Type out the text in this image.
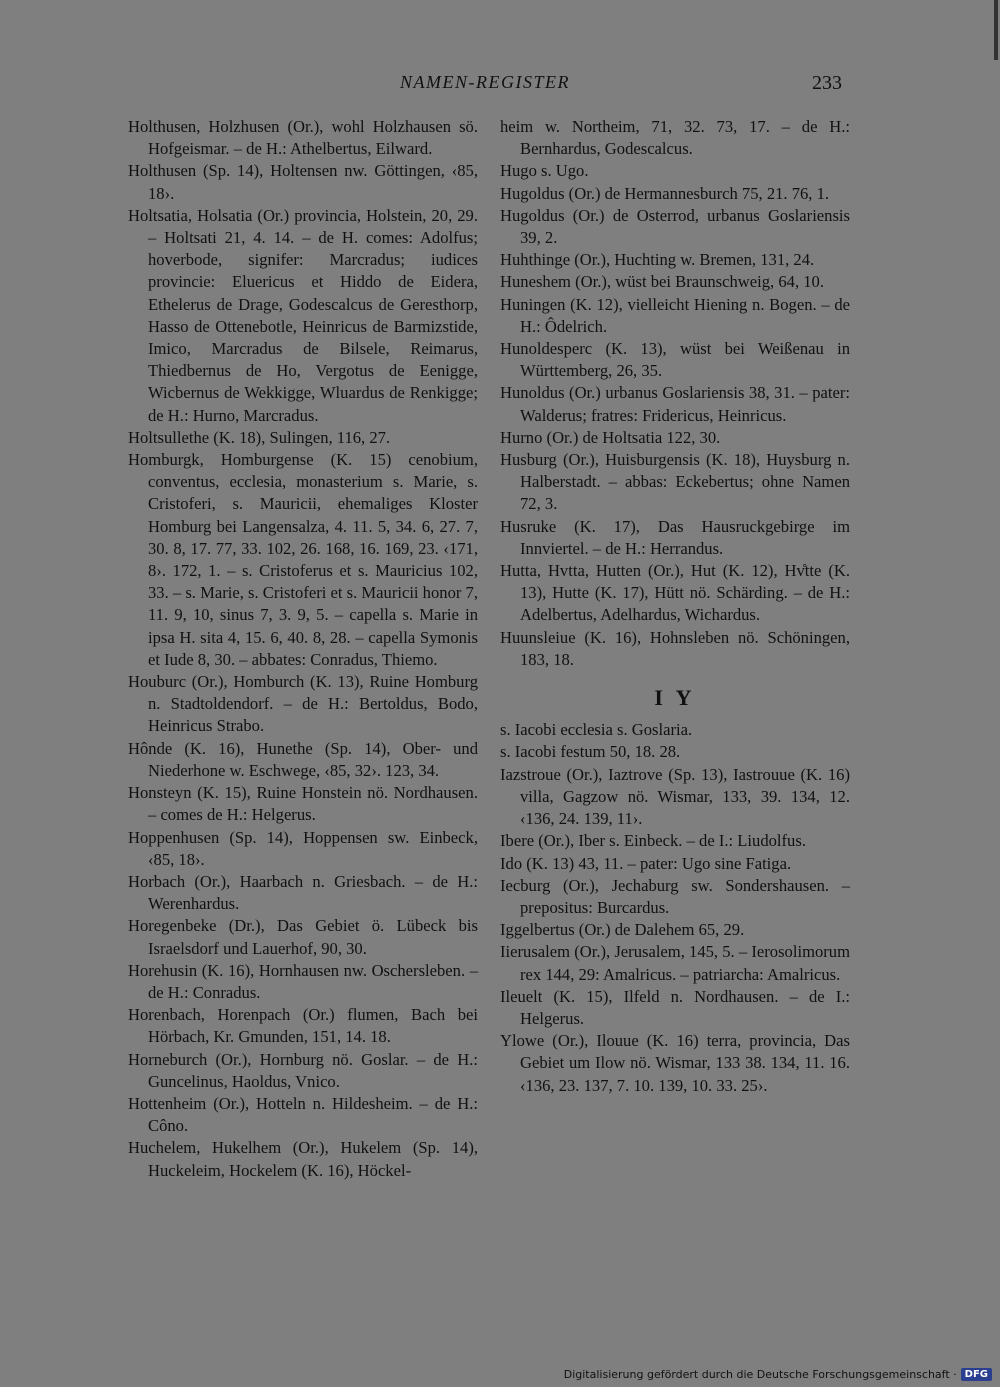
NAMEN-REGISTER	233
Holthusen, Holzhusen (Or.), wohl Holzhausen sö. Hofgeismar. – de H.: Athelbertus, Eilward.
Holthusen (Sp. 14), Holtensen nw. Göttingen, ‹85, 18›.
Holtsatia, Holsatia (Or.) provincia, Holstein, 20, 29. – Holtsati 21, 4. 14. – de H. comes: Adolfus; hoverbode, signifer: Marcradus; iudices provincie: Eluericus et Hiddo de Eidera, Ethelerus de Drage, Godescalcus de Geresthorp, Hasso de Ottenebotle, Heinricus de Barmizstide, Imico, Marcradus de Bilsele, Reimarus, Thiedbernus de Ho, Vergotus de Eenigge, Wicbernus de Wekkigge, Wluardus de Renkigge; de H.: Hurno, Marcradus.
Holtsullethe (K. 18), Sulingen, 116, 27.
Homburgk, Homburgense (K. 15) cenobium, conventus, ecclesia, monasterium s. Marie, s. Cristoferi, s. Mauricii, ehemaliges Kloster Homburg bei Langensalza, 4. 11. 5, 34. 6, 27. 7, 30. 8, 17. 77, 33. 102, 26. 168, 16. 169, 23. ‹171, 8›. 172, 1. – s. Cristoferus et s. Mauricius 102, 33. – s. Marie, s. Cristoferi et s. Mauricii honor 7, 11. 9, 10, sinus 7, 3. 9, 5. – capella s. Marie in ipsa H. sita 4, 15. 6, 40. 8, 28. – capella Symonis et Iude 8, 30. – abbates: Conradus, Thiemo.
Houburc (Or.), Homburch (K. 13), Ruine Homburg n. Stadtoldendorf. – de H.: Bertoldus, Bodo, Heinricus Strabo.
Hônde (K. 16), Hunethe (Sp. 14), Ober- und Niederhone w. Eschwege, ‹85, 32›. 123, 34.
Honsteyn (K. 15), Ruine Honstein nö. Nordhausen. – comes de H.: Helgerus.
Hoppenhusen (Sp. 14), Hoppensen sw. Einbeck, ‹85, 18›.
Horbach (Or.), Haarbach n. Griesbach. – de H.: Werenhardus.
Horegenbeke (Dr.), Das Gebiet ö. Lübeck bis Israelsdorf und Lauerhof, 90, 30.
Horehusin (K. 16), Hornhausen nw. Oschersleben. – de H.: Conradus.
Horenbach, Horenpach (Or.) flumen, Bach bei Hörbach, Kr. Gmunden, 151, 14. 18.
Horneburch (Or.), Hornburg nö. Goslar. – de H.: Guncelinus, Haoldus, Vnico.
Hottenheim (Or.), Hotteln n. Hildesheim. – de H.: Côno.
Huchelem, Hukelhem (Or.), Hukelem (Sp. 14), Huckeleim, Hockelem (K. 16), Höckel-
heim w. Northeim, 71, 32. 73, 17. – de H.: Bernhardus, Godescalcus.
Hugo s. Ugo.
Hugoldus (Or.) de Hermannesburch 75, 21. 76, 1.
Hugoldus (Or.) de Osterrod, urbanus Goslariensis 39, 2.
Huhthinge (Or.), Huchting w. Bremen, 131, 24.
Huneshem (Or.), wüst bei Braunschweig, 64, 10.
Huningen (K. 12), vielleicht Hiening n. Bogen. – de H.: Ôdelrich.
Hunoldesperc (K. 13), wüst bei Weißenau in Württemberg, 26, 35.
Hunoldus (Or.) urbanus Goslariensis 38, 31. – pater: Walderus; fratres: Fridericus, Heinricus.
Hurno (Or.) de Holtsatia 122, 30.
Husburg (Or.), Huisburgensis (K. 18), Huysburg n. Halberstadt. – abbas: Eckebertus; ohne Namen 72, 3.
Husruke (K. 17), Das Hausruckgebirge im Innviertel. – de H.: Herrandus.
Hutta, Hvtta, Hutten (Or.), Hut (K. 12), Hv̊tte (K. 13), Hutte (K. 17), Hütt nö. Schärding. – de H.: Adelbertus, Adelhardus, Wichardus.
Huunsleiue (K. 16), Hohnsleben nö. Schöningen, 183, 18.
I Y
s. Iacobi ecclesia s. Goslaria.
s. Iacobi festum 50, 18. 28.
Iazstroue (Or.), Iaztrove (Sp. 13), Iastrouue (K. 16) villa, Gagzow nö. Wismar, 133, 39. 134, 12. ‹136, 24. 139, 11›.
Ibere (Or.), Iber s. Einbeck. – de I.: Liudolfus.
Ido (K. 13) 43, 11. – pater: Ugo sine Fatiga.
Iecburg (Or.), Jechaburg sw. Sondershausen. – prepositus: Burcardus.
Iggelbertus (Or.) de Dalehem 65, 29.
Iierusalem (Or.), Jerusalem, 145, 5. – Ierosolimorum rex 144, 29: Amalricus. – patriarcha: Amalricus.
Ileuelt (K. 15), Ilfeld n. Nordhausen. – de I.: Helgerus.
Ylowe (Or.), Ilouue (K. 16) terra, provincia, Das Gebiet um Ilow nö. Wismar, 133 38. 134, 11. 16. ‹136, 23. 137, 7. 10. 139, 10. 33. 25›.
Digitalisierung gefördert durch die Deutsche Forschungsgemeinschaft · DFG
